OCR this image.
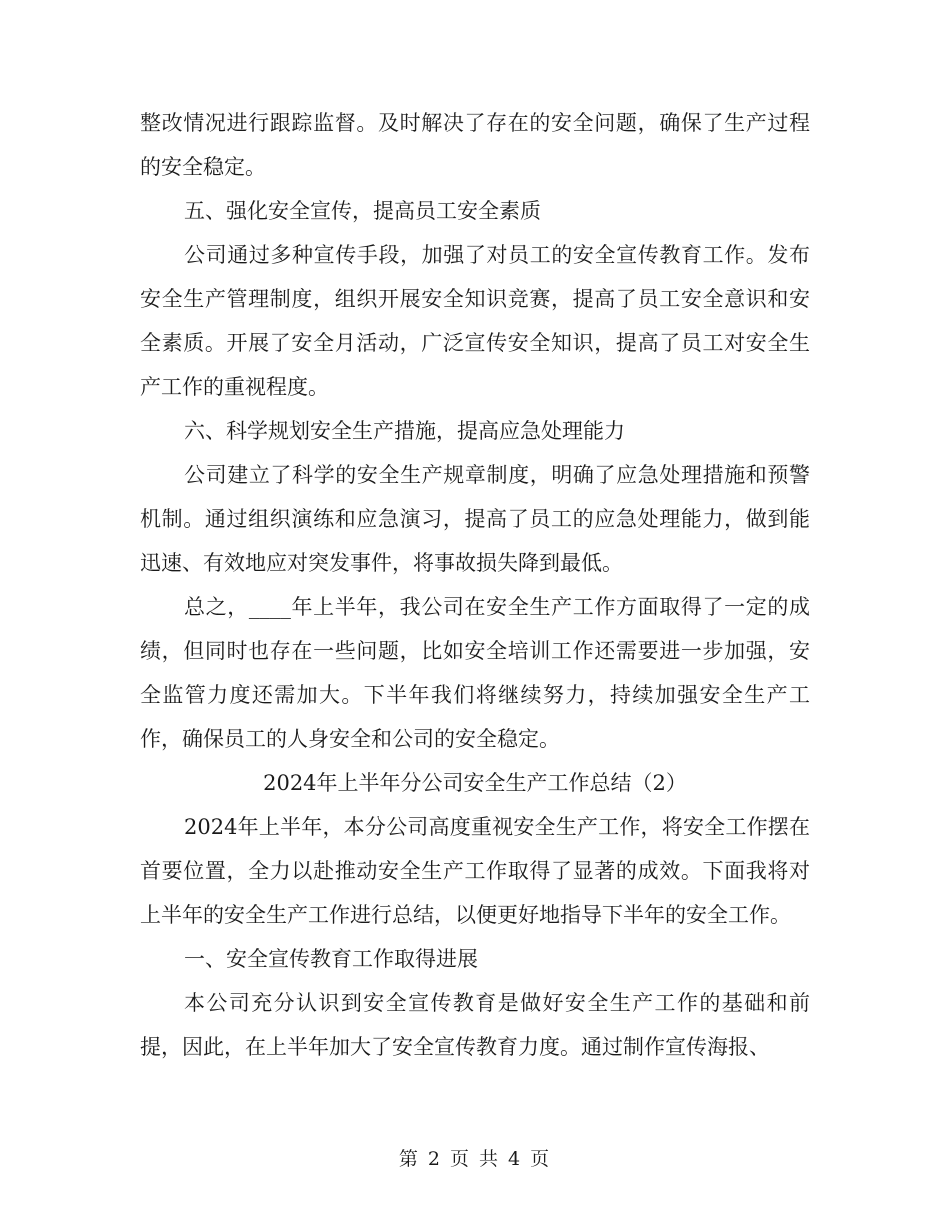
整改情况进行跟踪监督。及时解决了存在的安全问题，确保了生产过程的安全稳定。

五、强化安全宣传，提高员工安全素质

公司通过多种宣传手段，加强了对员工的安全宣传教育工作。发布安全生产管理制度，组织开展安全知识竞赛，提高了员工安全意识和安全素质。开展了安全月活动，广泛宣传安全知识，提高了员工对安全生产工作的重视程度。

六、科学规划安全生产措施，提高应急处理能力

公司建立了科学的安全生产规章制度，明确了应急处理措施和预警机制。通过组织演练和应急演习，提高了员工的应急处理能力，做到能迅速、有效地应对突发事件，将事故损失降到最低。

总之，____年上半年，我公司在安全生产工作方面取得了一定的成绩，但同时也存在一些问题，比如安全培训工作还需要进一步加强，安全监管力度还需加大。下半年我们将继续努力，持续加强安全生产工作，确保员工的人身安全和公司的安全稳定。

2024年上半年分公司安全生产工作总结（2）

2024年上半年，本分公司高度重视安全生产工作，将安全工作摆在首要位置，全力以赴推动安全生产工作取得了显著的成效。下面我将对上半年的安全生产工作进行总结，以便更好地指导下半年的安全工作。

一、安全宣传教育工作取得进展

本公司充分认识到安全宣传教育是做好安全生产工作的基础和前提，因此，在上半年加大了安全宣传教育力度。通过制作宣传海报、

第 2 页 共 4 页
